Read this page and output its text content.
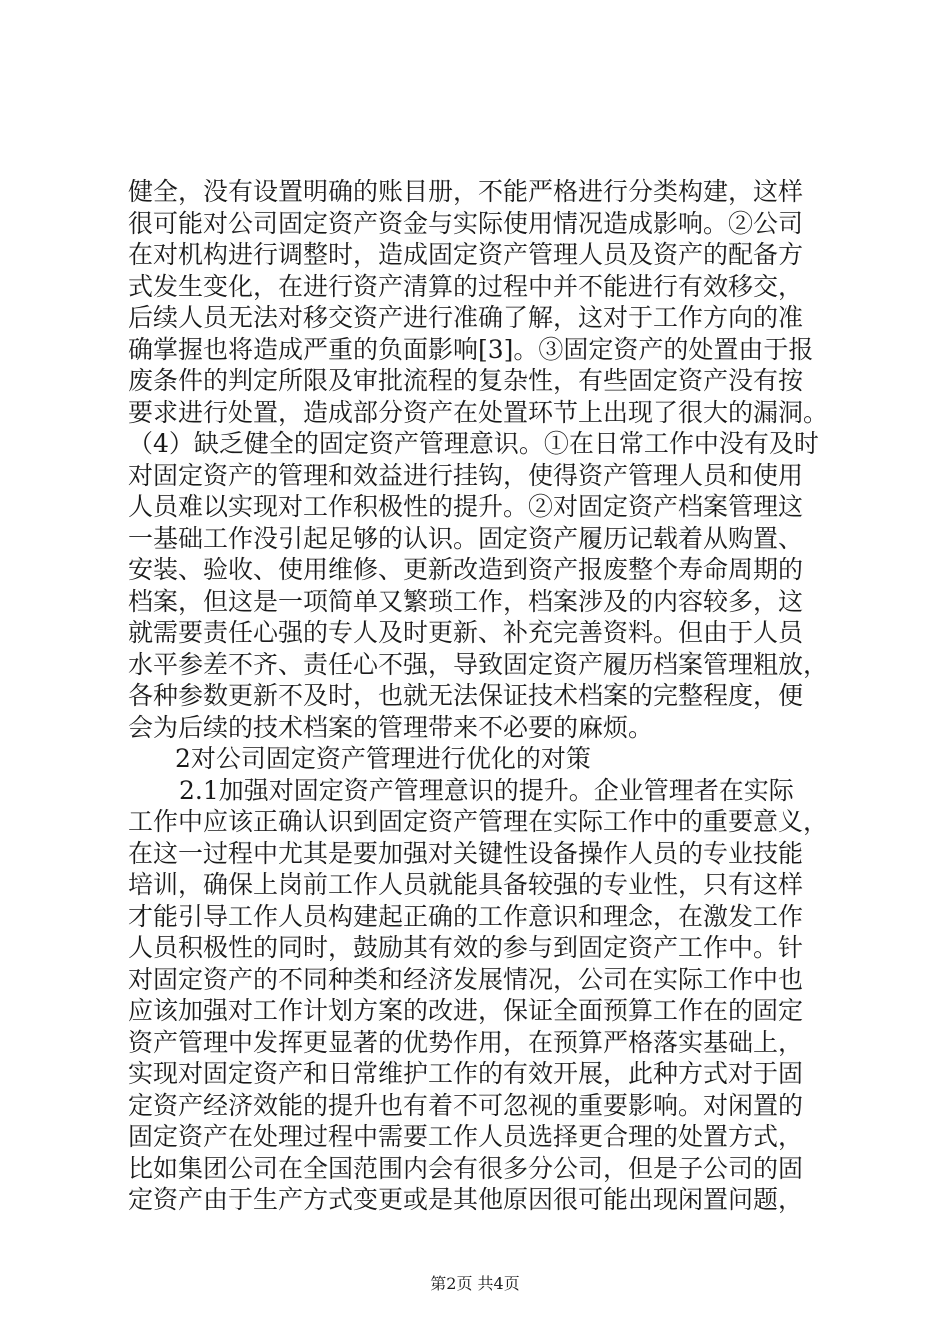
健全，没有设置明确的账目册，不能严格进行分类构建，这样
很可能对公司固定资产资金与实际使用情况造成影响。②公司
在对机构进行调整时，造成固定资产管理人员及资产的配备方
式发生变化，在进行资产清算的过程中并不能进行有效移交，
后续人员无法对移交资产进行准确了解，这对于工作方向的准
确掌握也将造成严重的负面影响[3]。③固定资产的处置由于报
废条件的判定所限及审批流程的复杂性，有些固定资产没有按
要求进行处置，造成部分资产在处置环节上出现了很大的漏洞。
（4）缺乏健全的固定资产管理意识。①在日常工作中没有及时
对固定资产的管理和效益进行挂钩，使得资产管理人员和使用
人员难以实现对工作积极性的提升。②对固定资产档案管理这
一基础工作没引起足够的认识。固定资产履历记载着从购置、
安装、验收、使用维修、更新改造到资产报废整个寿命周期的
档案，但这是一项简单又繁琐工作，档案涉及的内容较多，这
就需要责任心强的专人及时更新、补充完善资料。但由于人员
水平参差不齐、责任心不强，导致固定资产履历档案管理粗放，
各种参数更新不及时，也就无法保证技术档案的完整程度，便
会为后续的技术档案的管理带来不必要的麻烦。
2对公司固定资产管理进行优化的对策
2.1加强对固定资产管理意识的提升。企业管理者在实际
工作中应该正确认识到固定资产管理在实际工作中的重要意义，
在这一过程中尤其是要加强对关键性设备操作人员的专业技能
培训，确保上岗前工作人员就能具备较强的专业性，只有这样
才能引导工作人员构建起正确的工作意识和理念，在激发工作
人员积极性的同时，鼓励其有效的参与到固定资产工作中。针
对固定资产的不同种类和经济发展情况，公司在实际工作中也
应该加强对工作计划方案的改进，保证全面预算工作在的固定
资产管理中发挥更显著的优势作用，在预算严格落实基础上，
实现对固定资产和日常维护工作的有效开展，此种方式对于固
定资产经济效能的提升也有着不可忽视的重要影响。对闲置的
固定资产在处理过程中需要工作人员选择更合理的处置方式，
比如集团公司在全国范围内会有很多分公司，但是子公司的固
定资产由于生产方式变更或是其他原因很可能出现闲置问题，
第2页 共4页
